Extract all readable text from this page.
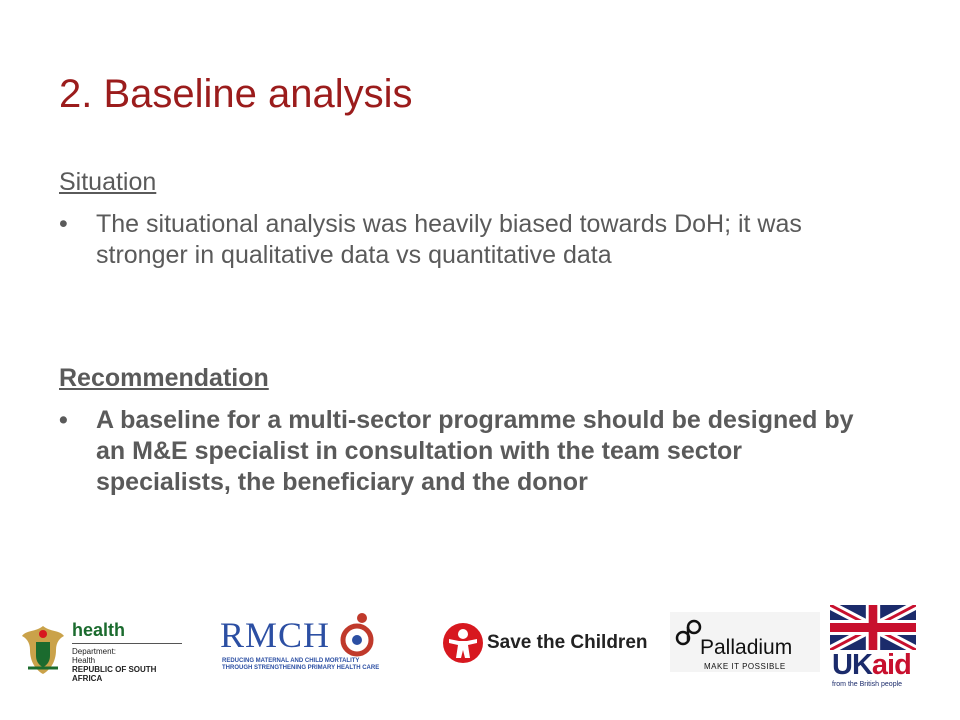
2. Baseline analysis
Situation
• The situational analysis was heavily biased towards DoH; it was stronger in qualitative data vs quantitative data
Recommendation
• A baseline for a multi-sector programme should be designed by an M&E specialist in consultation with the team sector specialists, the beneficiary and the donor
health
Department:
Health
REPUBLIC OF SOUTH AFRICA
RMCH
REDUCING MATERNAL AND CHILD MORTALITY
THROUGH STRENGTHENING PRIMARY HEALTH CARE
Save the Children	Palladium
MAKE IT POSSIBLE UKaid
from the British people
